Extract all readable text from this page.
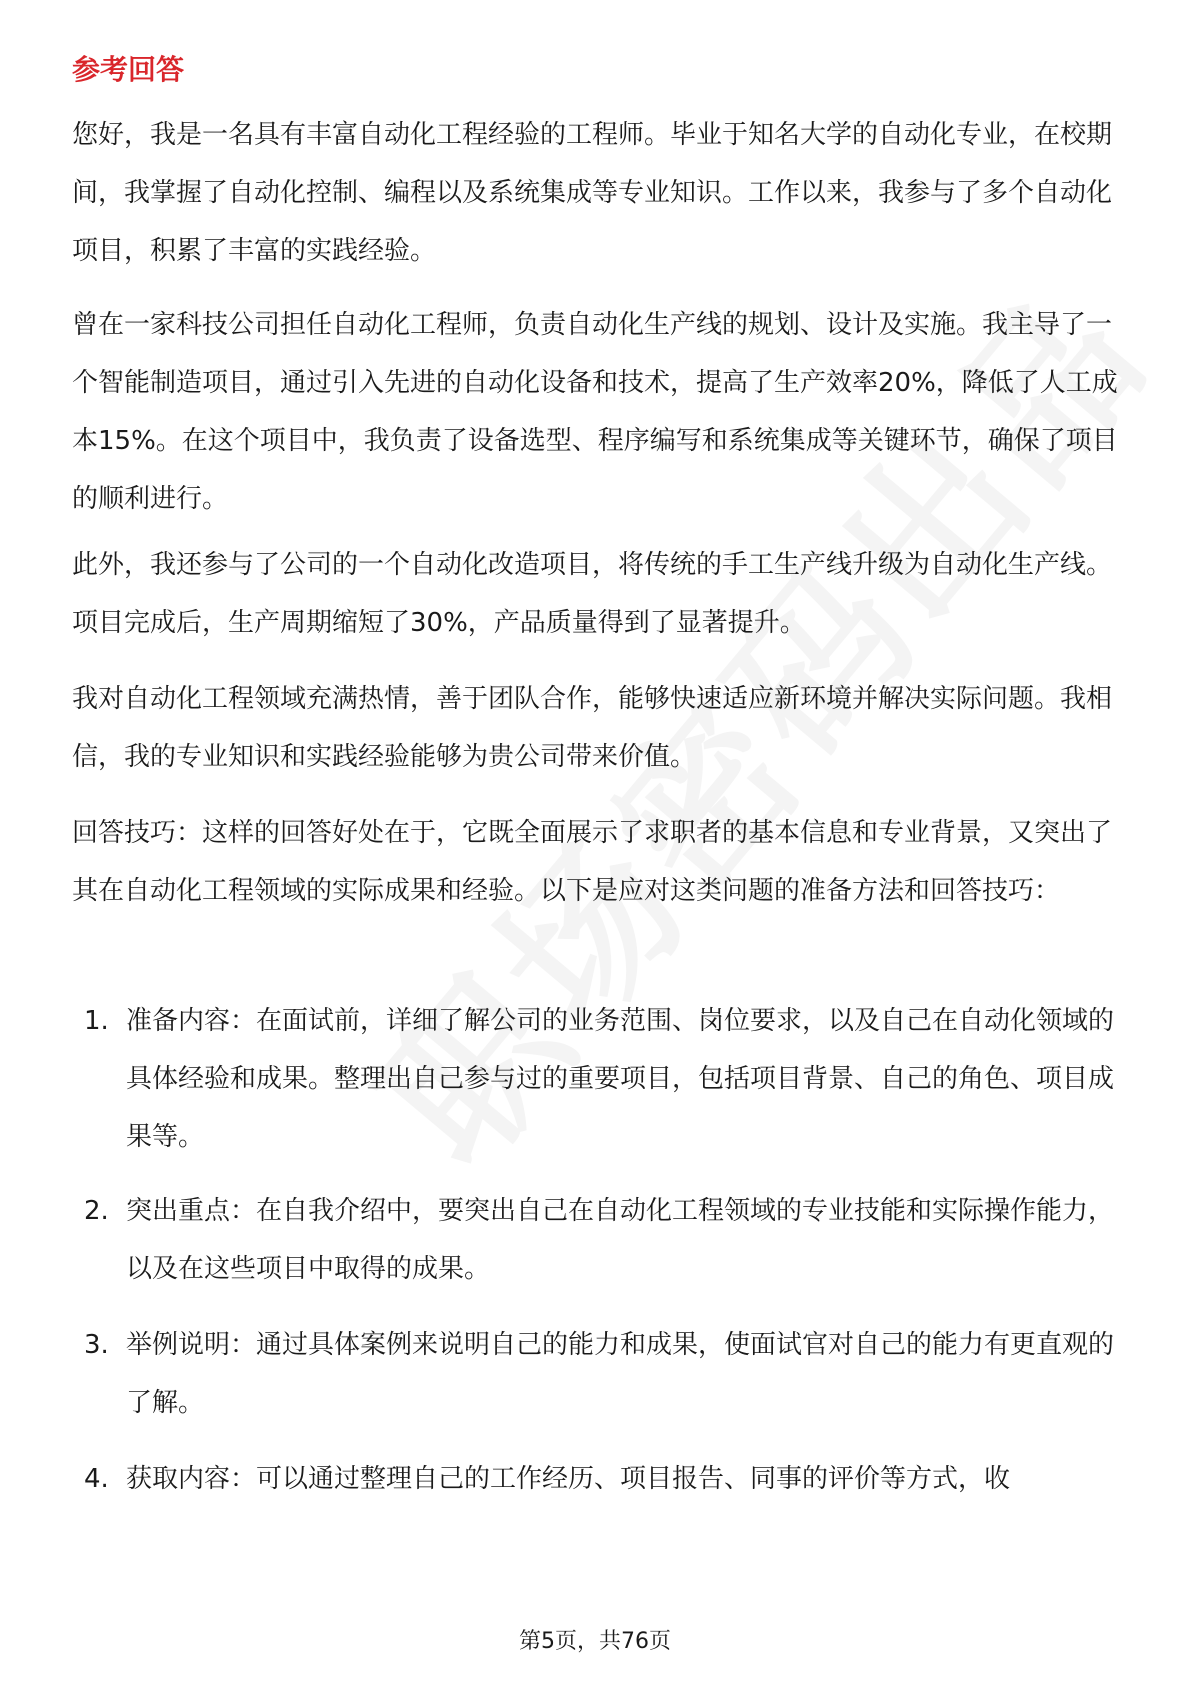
参考回答

您好，我是一名具有丰富自动化工程经验的工程师。毕业于知名大学的自动化专业，在校期间，我掌握了自动化控制、编程以及系统集成等专业知识。工作以来，我参与了多个自动化项目，积累了丰富的实践经验。

曾在一家科技公司担任自动化工程师，负责自动化生产线的规划、设计及实施。我主导了一个智能制造项目，通过引入先进的自动化设备和技术，提高了生产效率20%，降低了人工成本15%。在这个项目中，我负责了设备选型、程序编写和系统集成等关键环节，确保了项目的顺利进行。

此外，我还参与了公司的一个自动化改造项目，将传统的手工生产线升级为自动化生产线。项目完成后，生产周期缩短了30%，产品质量得到了显著提升。

我对自动化工程领域充满热情，善于团队合作，能够快速适应新环境并解决实际问题。我相信，我的专业知识和实践经验能够为贵公司带来价值。

回答技巧：这样的回答好处在于，它既全面展示了求职者的基本信息和专业背景，又突出了其在自动化工程领域的实际成果和经验。以下是应对这类问题的准备方法和回答技巧：

1. 准备内容：在面试前，详细了解公司的业务范围、岗位要求，以及自己在自动化领域的具体经验和成果。整理出自己参与过的重要项目，包括项目背景、自己的角色、项目成果等。
2. 突出重点：在自我介绍中，要突出自己在自动化工程领域的专业技能和实际操作能力，以及在这些项目中取得的成果。
3. 举例说明：通过具体案例来说明自己的能力和成果，使面试官对自己的能力有更直观的了解。
4. 获取内容：可以通过整理自己的工作经历、项目报告、同事的评价等方式，收
第5页，共76页
